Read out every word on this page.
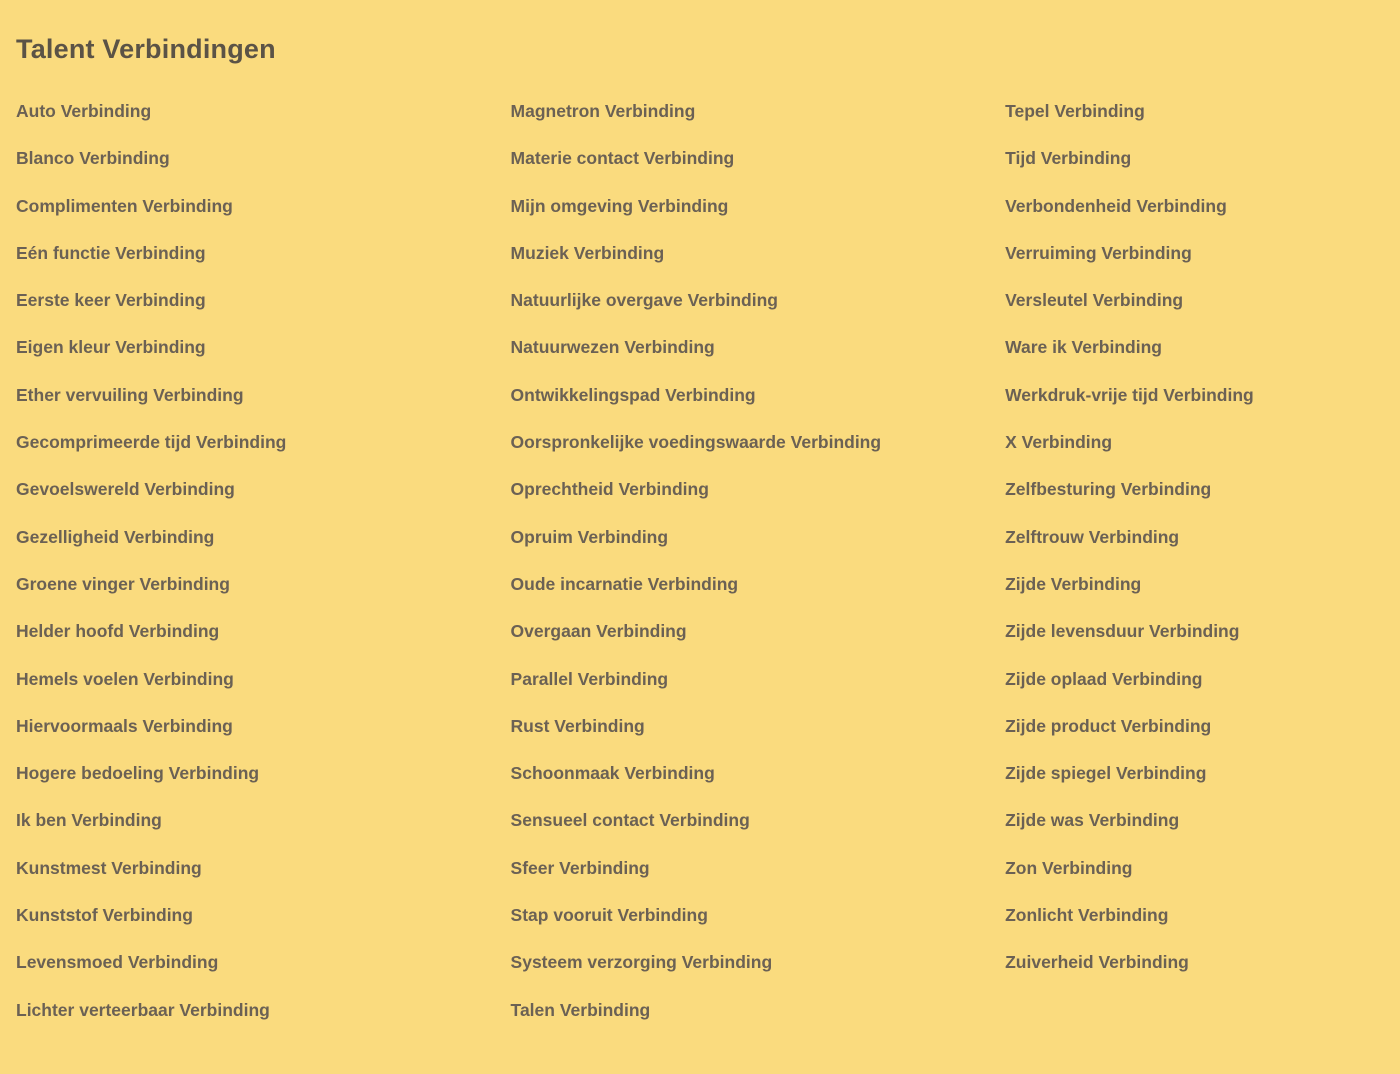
Talent Verbindingen
Auto Verbinding
Blanco Verbinding
Complimenten Verbinding
Eén functie Verbinding
Eerste keer Verbinding
Eigen kleur Verbinding
Ether vervuiling Verbinding
Gecomprimeerde tijd Verbinding
Gevoelswereld Verbinding
Gezelligheid Verbinding
Groene vinger Verbinding
Helder hoofd Verbinding
Hemels voelen Verbinding
Hiervoormaals Verbinding
Hogere bedoeling Verbinding
Ik ben Verbinding
Kunstmest Verbinding
Kunststof Verbinding
Levensmoed Verbinding
Lichter verteerbaar Verbinding
Magnetron Verbinding
Materie contact Verbinding
Mijn omgeving Verbinding
Muziek Verbinding
Natuurlijke overgave Verbinding
Natuurwezen Verbinding
Ontwikkelingspad Verbinding
Oorspronkelijke voedingswaarde Verbinding
Oprechtheid Verbinding
Opruim Verbinding
Oude incarnatie Verbinding
Overgaan Verbinding
Parallel Verbinding
Rust Verbinding
Schoonmaak Verbinding
Sensueel contact Verbinding
Sfeer Verbinding
Stap vooruit Verbinding
Systeem verzorging Verbinding
Talen Verbinding
Tepel Verbinding
Tijd Verbinding
Verbondenheid Verbinding
Verruiming Verbinding
Versleutel Verbinding
Ware ik Verbinding
Werkdruk-vrije tijd Verbinding
X Verbinding
Zelfbesturing Verbinding
Zelftrouw Verbinding
Zijde Verbinding
Zijde levensduur Verbinding
Zijde oplaad Verbinding
Zijde product Verbinding
Zijde spiegel Verbinding
Zijde was Verbinding
Zon Verbinding
Zonlicht Verbinding
Zuiverheid Verbinding
